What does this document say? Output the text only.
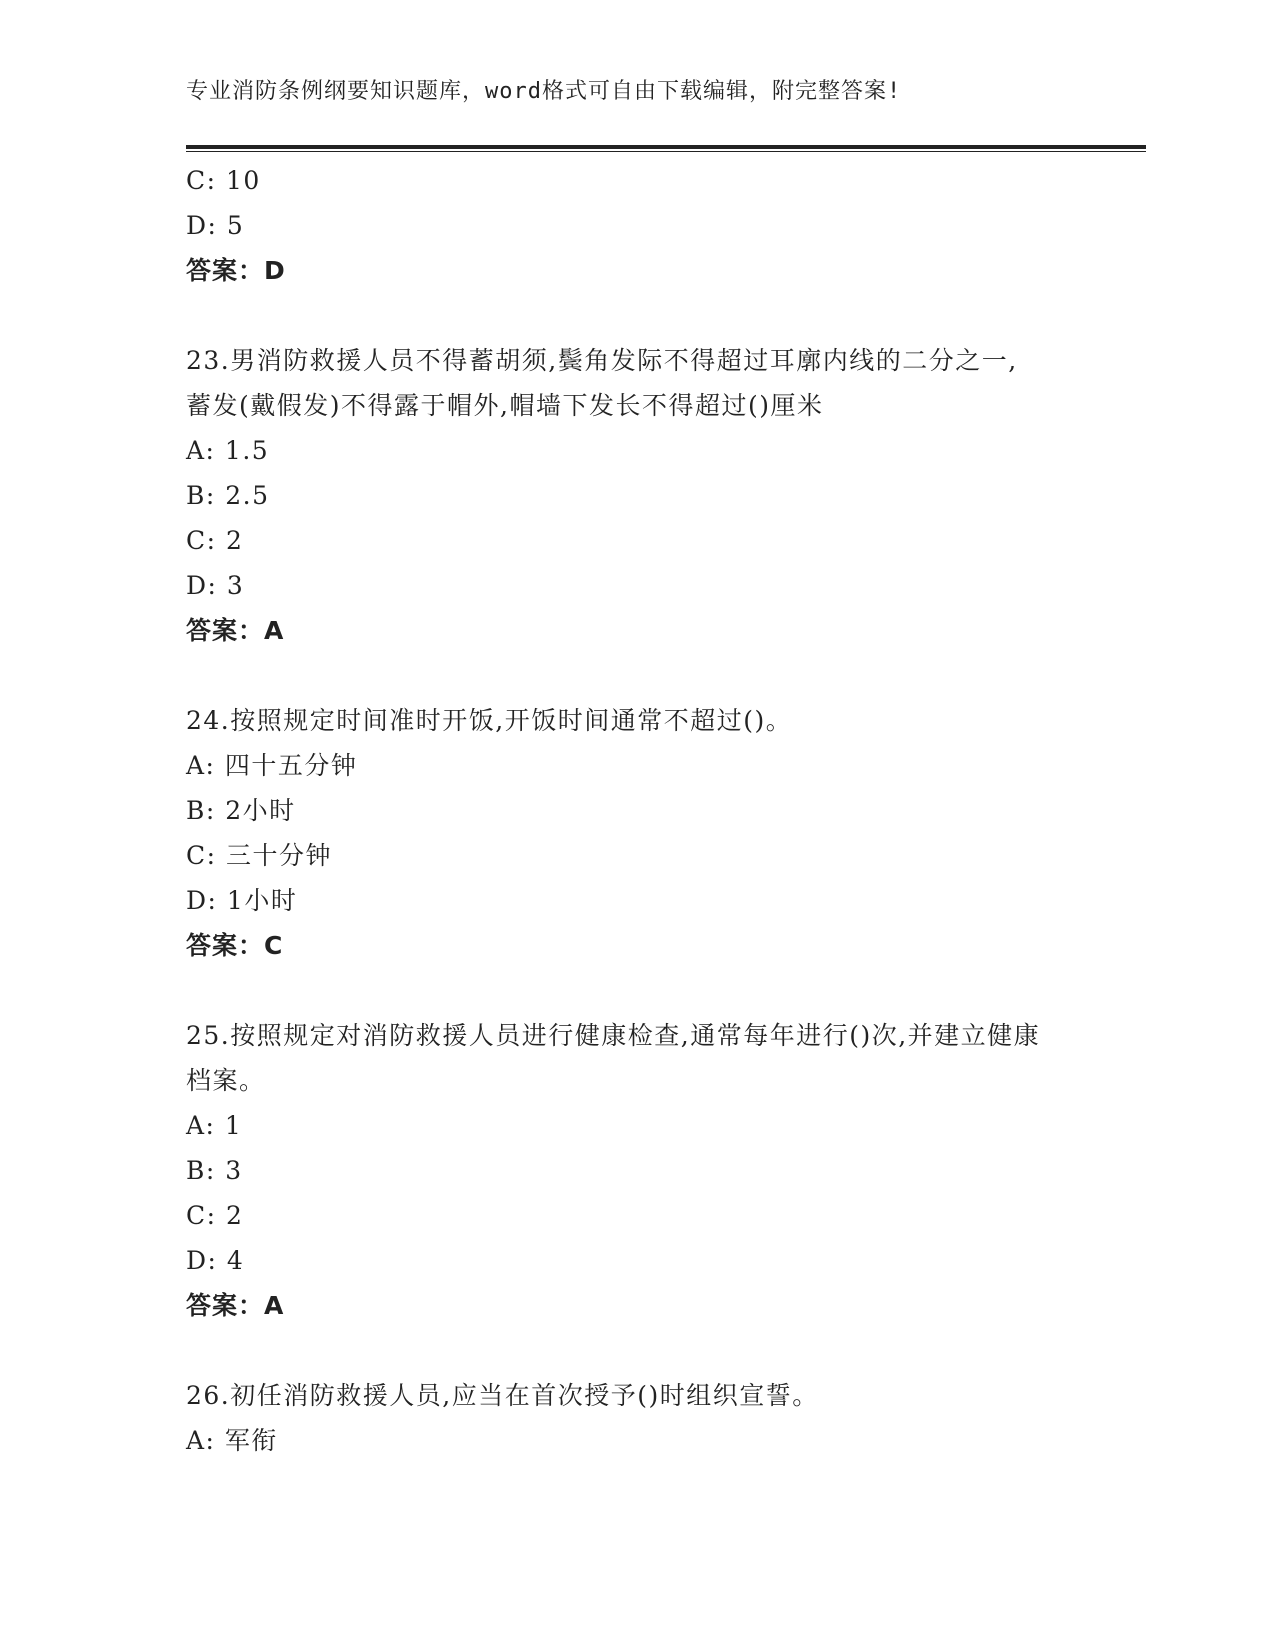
专业消防条例纲要知识题库，word格式可自由下载编辑，附完整答案!

C: 10

D: 5

答案：D

23.男消防救援人员不得蓄胡须,鬓角发际不得超过耳廓内线的二分之一,蓄发(戴假发)不得露于帽外,帽墙下发长不得超过()厘米

A: 1.5

B: 2.5

C: 2

D: 3

答案：A

24.按照规定时间准时开饭,开饭时间通常不超过()。

A: 四十五分钟

B: 2小时

C: 三十分钟

D: 1小时

答案：C

25.按照规定对消防救援人员进行健康检查,通常每年进行()次,并建立健康档案。

A: 1

B: 3

C: 2

D: 4

答案：A

26.初任消防救援人员,应当在首次授予()时组织宣誓。

A: 军衔
